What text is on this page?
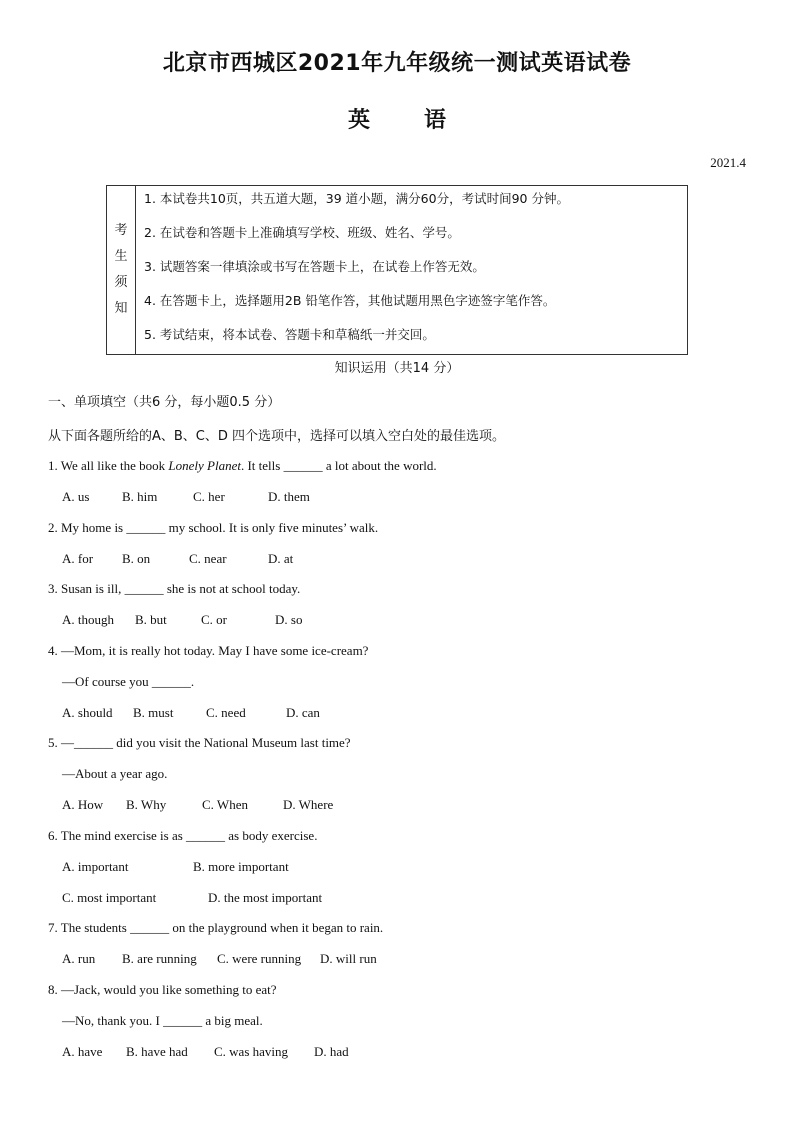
北京市西城区2021年九年级统一测试英语试卷
英 语
2021.4
考
生
须
知
1. 本试卷共10页，共五道大题，39 道小题，满分60分，考试时间90 分钟。
2. 在试卷和答题卡上准确填写学校、班级、姓名、学号。
3. 试题答案一律填涂或书写在答题卡上，在试卷上作答无效。
4. 在答题卡上，选择题用2B 铅笔作答，其他试题用黑色字迹签字笔作答。
5. 考试结束，将本试卷、答题卡和草稿纸一并交回。
知识运用（共14 分）
一、单项填空（共6 分，每小题0.5 分）
从下面各题所给的A、B、C、D 四个选项中，选择可以填入空白处的最佳选项。
1. We all like the book Lonely Planet. It tells ______ a lot about the world.
A. us	B. him	C. her	D. them
2. My home is ______ my school. It is only five minutes’ walk.
A. for B. on	C. near	D. at
3. Susan is ill, ______ she is not at school today.
A. though B. but	C. or	D. so
4. —Mom, it is really hot today. May I have some ice-cream?
—Of course you ______.
A. should B. must	C. need	D. can
5. —______ did you visit the National Museum last time?
—About a year ago.
A. How B. Why	C. When	D. Where
6. The mind exercise is as ______ as body exercise.
A. important	B. more important
C. most important	D. the most important
7. The students ______ on the playground when it began to rain.
A. run B. are running C. were running D. will run
8. —Jack, would you like something to eat?
—No, thank you. I ______ a big meal.
A. have B. have had C. was having D. had
